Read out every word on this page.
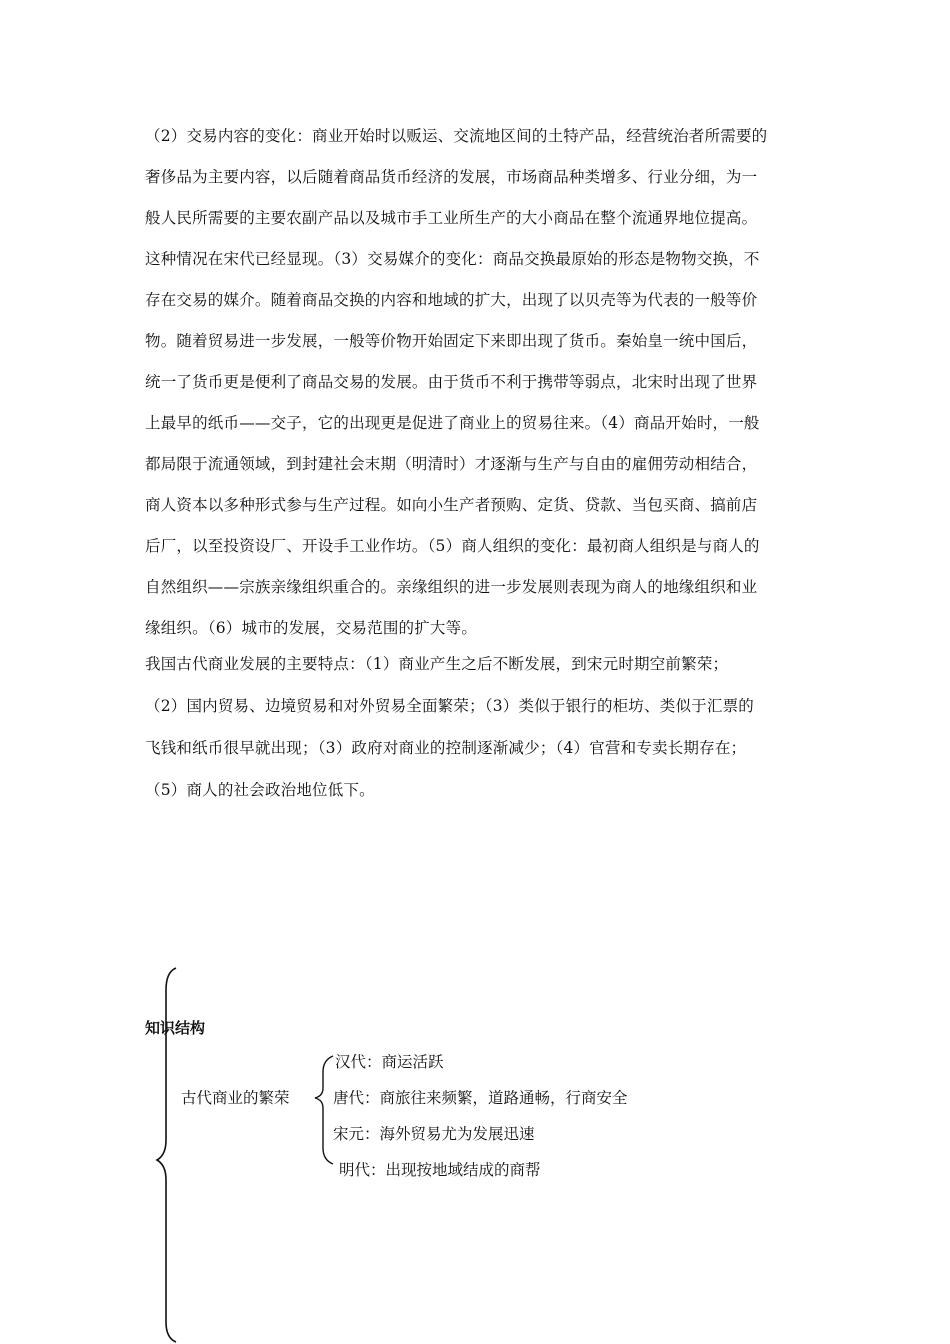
（2）交易内容的变化：商业开始时以贩运、交流地区间的土特产品，经营统治者所需要的
奢侈品为主要内容，以后随着商品货币经济的发展，市场商品种类增多、行业分细，为一
般人民所需要的主要农副产品以及城市手工业所生产的大小商品在整个流通界地位提高。
这种情况在宋代已经显现。（3）交易媒介的变化：商品交换最原始的形态是物物交换，不
存在交易的媒介。随着商品交换的内容和地域的扩大，出现了以贝壳等为代表的一般等价
物。随着贸易进一步发展，一般等价物开始固定下来即出现了货币。秦始皇一统中国后，
统一了货币更是便利了商品交易的发展。由于货币不利于携带等弱点，北宋时出现了世界
上最早的纸币——交子，它的出现更是促进了商业上的贸易往来。（4）商品开始时，一般
都局限于流通领域，到封建社会末期（明清时）才逐渐与生产与自由的雇佣劳动相结合，
商人资本以多种形式参与生产过程。如向小生产者预购、定货、贷款、当包买商、搞前店
后厂，以至投资设厂、开设手工业作坊。（5）商人组织的变化：最初商人组织是与商人的
自然组织——宗族亲缘组织重合的。亲缘组织的进一步发展则表现为商人的地缘组织和业
缘组织。（6）城市的发展，交易范围的扩大等。
我国古代商业发展的主要特点：（1）商业产生之后不断发展，到宋元时期空前繁荣；
（2）国内贸易、边境贸易和对外贸易全面繁荣；（3）类似于银行的柜坊、类似于汇票的
飞钱和纸币很早就出现；（3）政府对商业的控制逐渐减少；（4）官营和专卖长期存在；
（5）商人的社会政治地位低下。
知识结构
古代商业的繁荣
汉代：商运活跃
唐代：商旅往来频繁，道路通畅，行商安全
宋元：海外贸易尤为发展迅速
明代：出现按地域结成的商帮
